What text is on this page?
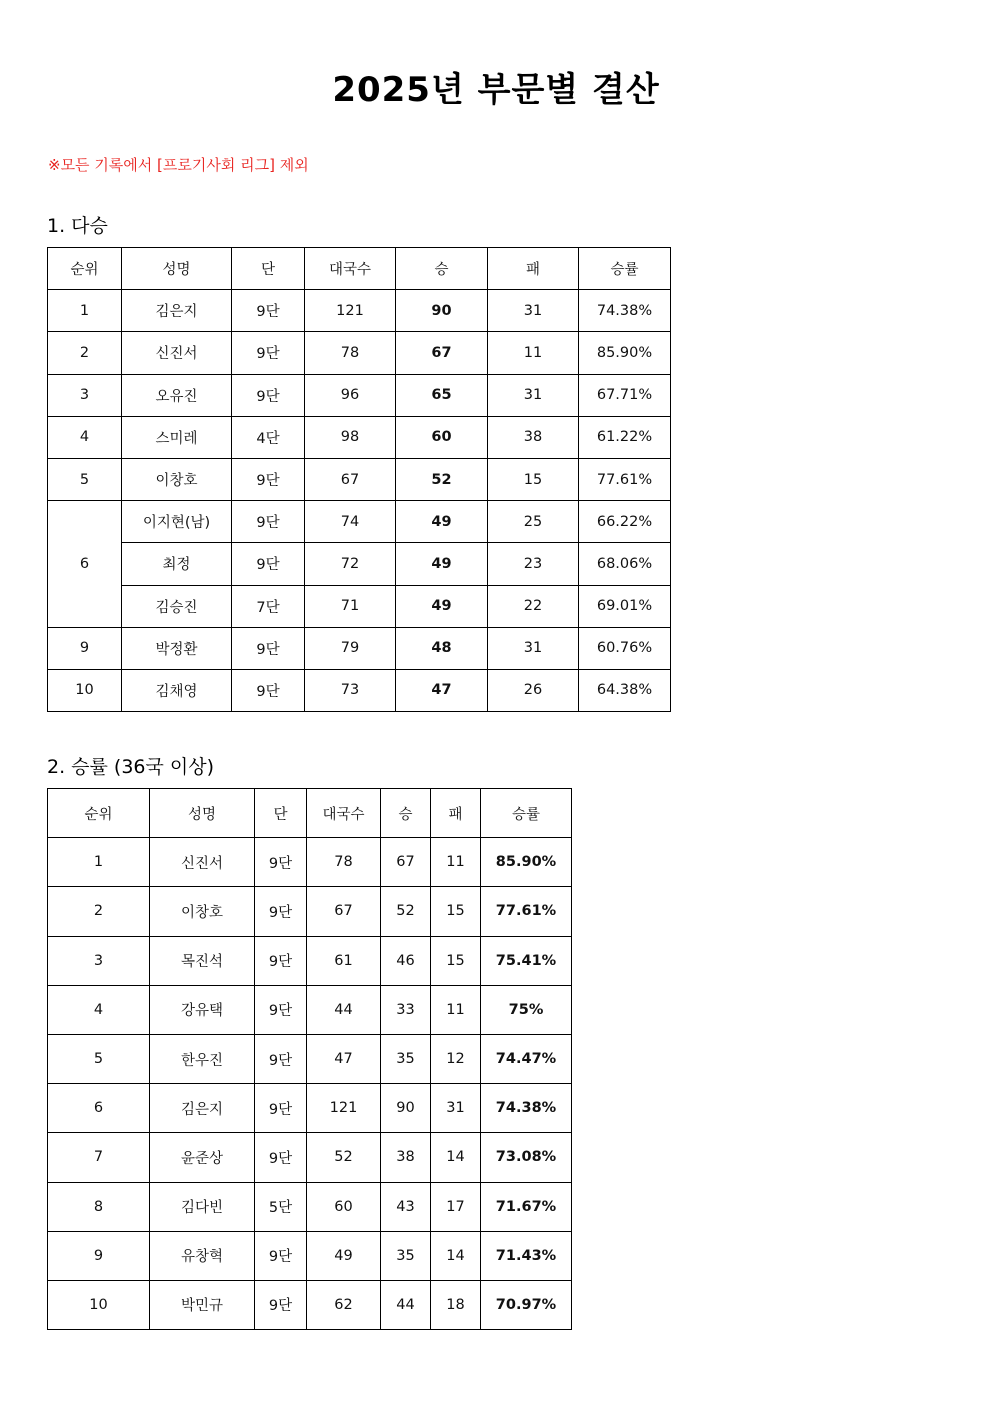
2025년 부문별 결산
※모든 기록에서 [프로기사회 리그] 제외
1. 다승
순위	성명	단	대국수	승	패	승률
1	김은지	9단	121	90	31	74.38%
2	신진서	9단	78	67	11	85.90%
3	오유진	9단	96	65	31	67.71%
4	스미레	4단	98	60	38	61.22%
5	이창호	9단	67	52	15	77.61%
6	이지현(남)	9단	74	49	25	66.22%
	최정	9단	72	49	23	68.06%
	김승진	7단	71	49	22	69.01%
9	박정환	9단	79	48	31	60.76%
10	김채영	9단	73	47	26	64.38%
2. 승률 (36국 이상)
순위	성명	단	대국수	승	패	승률
1	신진서	9단	78	67	11	85.90%
2	이창호	9단	67	52	15	77.61%
3	목진석	9단	61	46	15	75.41%
4	강유택	9단	44	33	11	75%
5	한우진	9단	47	35	12	74.47%
6	김은지	9단	121	90	31	74.38%
7	윤준상	9단	52	38	14	73.08%
8	김다빈	5단	60	43	17	71.67%
9	유창혁	9단	49	35	14	71.43%
10	박민규	9단	62	44	18	70.97%
